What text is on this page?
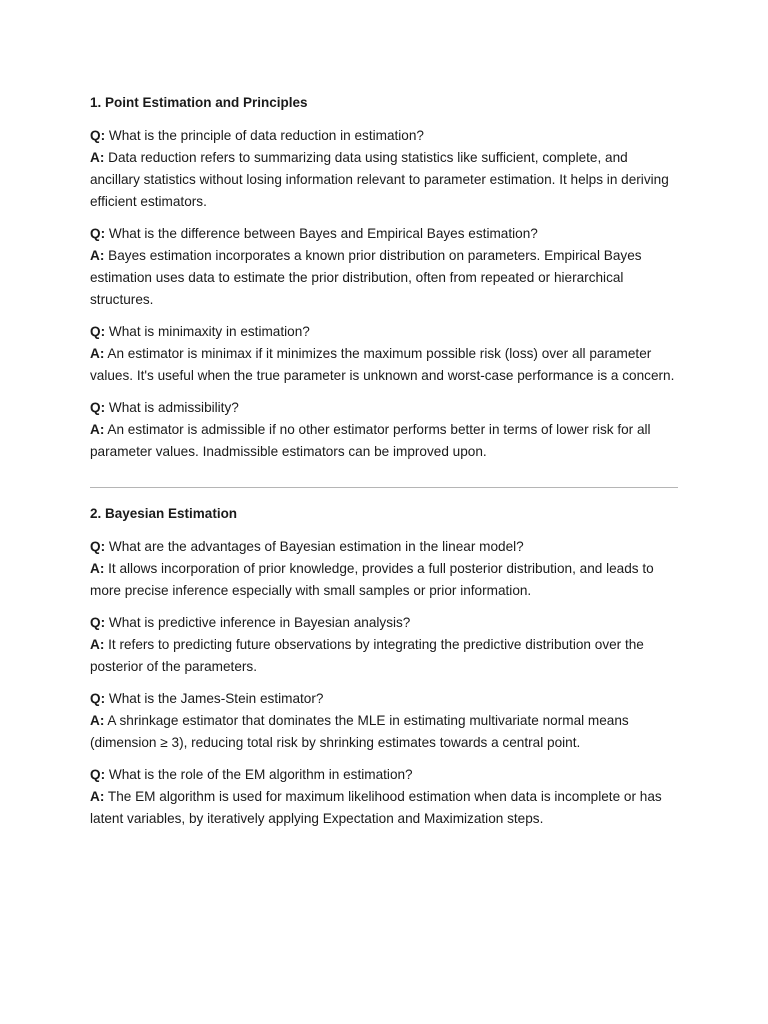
1. Point Estimation and Principles

Q: What is the principle of data reduction in estimation?

A: Data reduction refers to summarizing data using statistics like sufficient, complete, and ancillary statistics without losing information relevant to parameter estimation. It helps in deriving efficient estimators.

Q: What is the difference between Bayes and Empirical Bayes estimation?

A: Bayes estimation incorporates a known prior distribution on parameters. Empirical Bayes estimation uses data to estimate the prior distribution, often from repeated or hierarchical structures.

Q: What is minimaxity in estimation?

A: An estimator is minimax if it minimizes the maximum possible risk (loss) over all parameter values. It's useful when the true parameter is unknown and worst-case performance is a concern.

Q: What is admissibility?

A: An estimator is admissible if no other estimator performs better in terms of lower risk for all parameter values. Inadmissible estimators can be improved upon.

2. Bayesian Estimation

Q: What are the advantages of Bayesian estimation in the linear model?

A: It allows incorporation of prior knowledge, provides a full posterior distribution, and leads to more precise inference especially with small samples or prior information.

Q: What is predictive inference in Bayesian analysis?

A: It refers to predicting future observations by integrating the predictive distribution over the posterior of the parameters.

Q: What is the James-Stein estimator?

A: A shrinkage estimator that dominates the MLE in estimating multivariate normal means (dimension ≥ 3), reducing total risk by shrinking estimates towards a central point.

Q: What is the role of the EM algorithm in estimation?

A: The EM algorithm is used for maximum likelihood estimation when data is incomplete or has latent variables, by iteratively applying Expectation and Maximization steps.
